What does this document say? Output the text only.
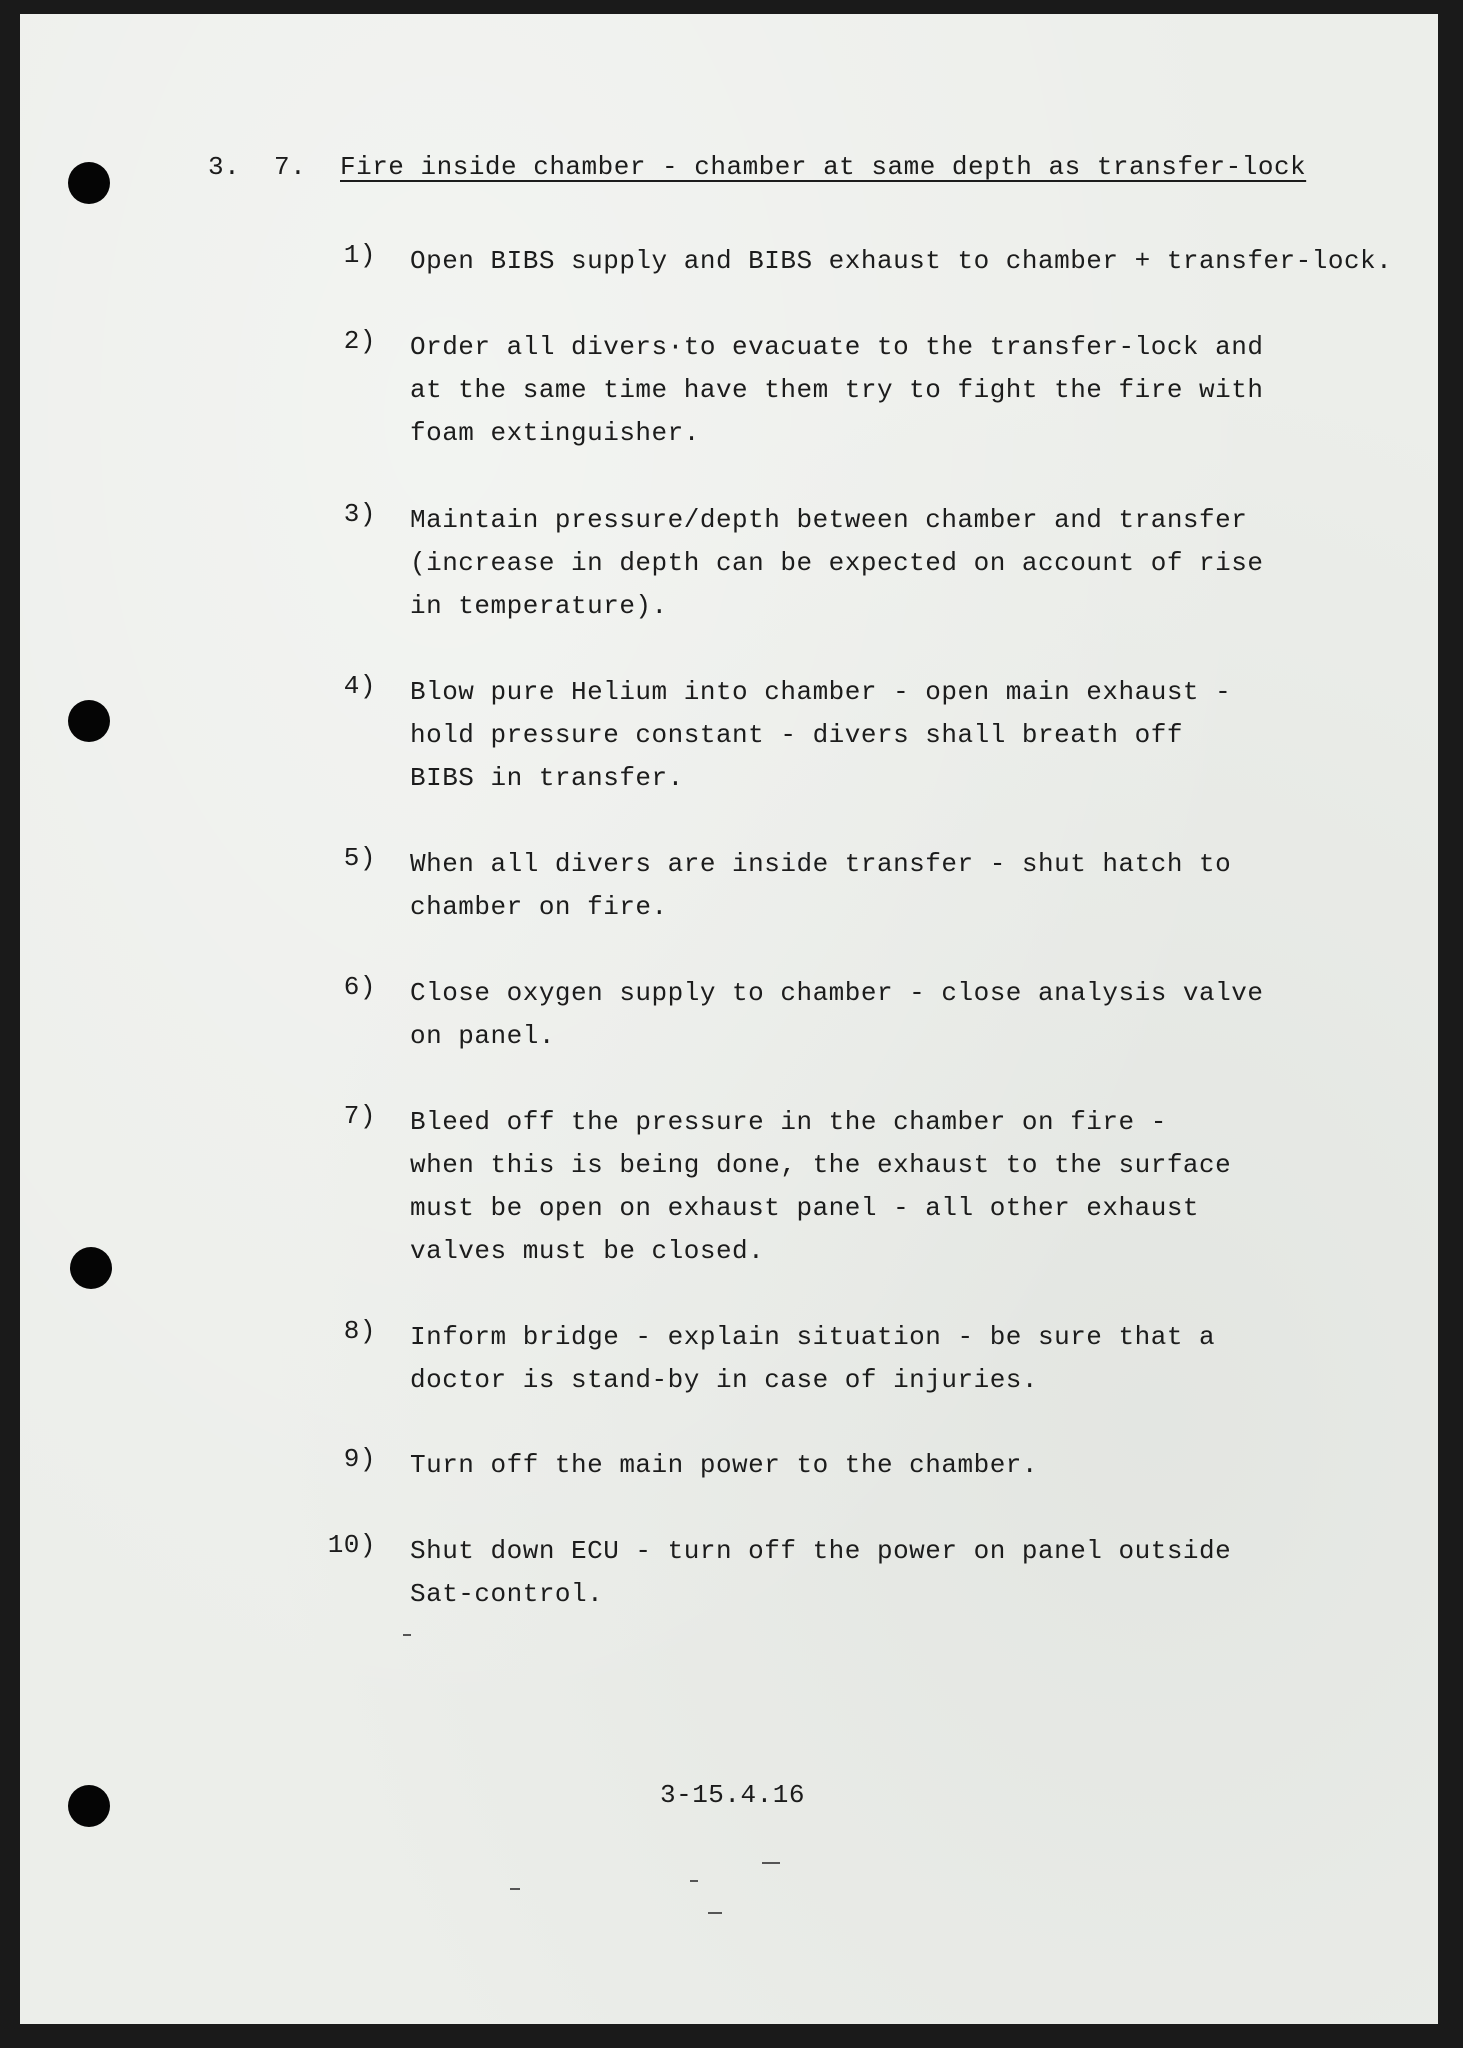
3. 7. Fire inside chamber - chamber at same depth as transfer-lock
1) Open BIBS supply and BIBS exhaust to chamber + transfer-lock.
2) Order all divers·to evacuate to the transfer-lock and
at the same time have them try to fight the fire with
foam extinguisher.
3) Maintain pressure/depth between chamber and transfer
(increase in depth can be expected on account of rise
in temperature).
4) Blow pure Helium into chamber - open main exhaust -
hold pressure constant - divers shall breath off
BIBS in transfer.
5) When all divers are inside transfer - shut hatch to
chamber on fire.
6) Close oxygen supply to chamber - close analysis valve
on panel.
7) Bleed off the pressure in the chamber on fire -
when this is being done, the exhaust to the surface
must be open on exhaust panel - all other exhaust
valves must be closed.
8) Inform bridge - explain situation - be sure that a
doctor is stand-by in case of injuries.
9) Turn off the main power to the chamber.
10) Shut down ECU - turn off the power on panel outside
Sat-control.
3-15.4.16
